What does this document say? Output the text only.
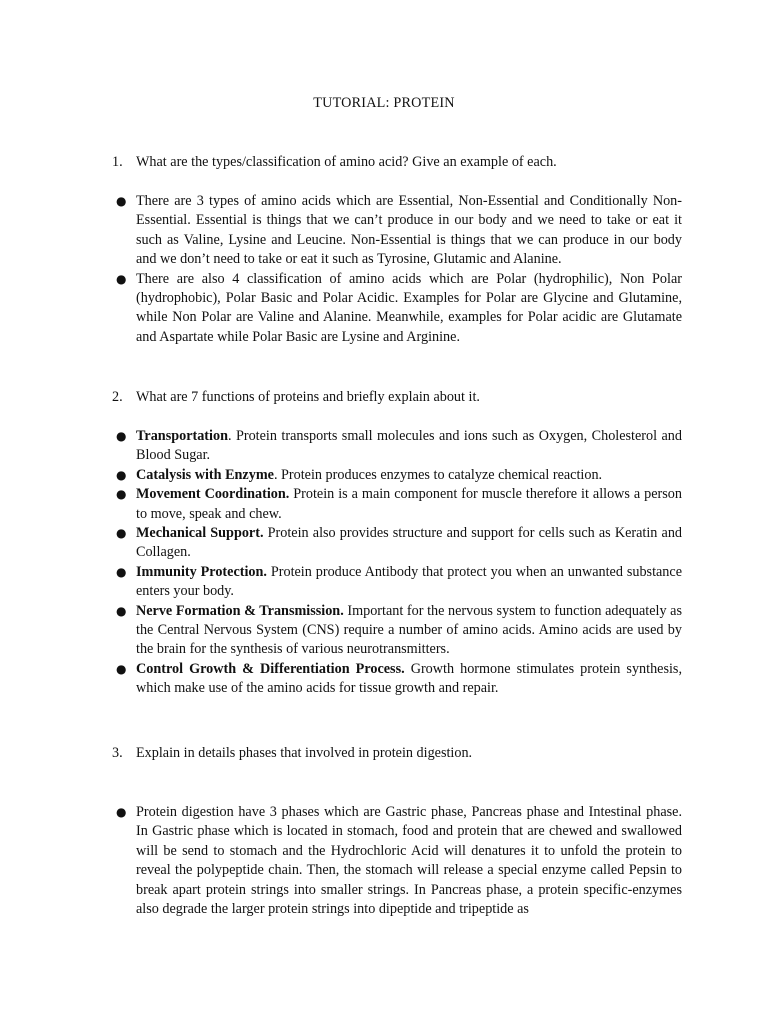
TUTORIAL: PROTEIN
1. What are the types/classification of amino acid? Give an example of each.
● There are 3 types of amino acids which are Essential, Non-Essential and Conditionally Non-Essential. Essential is things that we can’t produce in our body and we need to take or eat it such as Valine, Lysine and Leucine. Non-Essential is things that we can produce in our body and we don’t need to take or eat it such as Tyrosine, Glutamic and Alanine.
● There are also 4 classification of amino acids which are Polar (hydrophilic), Non Polar (hydrophobic), Polar Basic and Polar Acidic. Examples for Polar are Glycine and Glutamine, while Non Polar are Valine and Alanine. Meanwhile, examples for Polar acidic are Glutamate and Aspartate while Polar Basic are Lysine and Arginine.
2. What are 7 functions of proteins and briefly explain about it.
● Transportation. Protein transports small molecules and ions such as Oxygen, Cholesterol and Blood Sugar.
● Catalysis with Enzyme. Protein produces enzymes to catalyze chemical reaction.
● Movement Coordination. Protein is a main component for muscle therefore it allows a person to move, speak and chew.
● Mechanical Support. Protein also provides structure and support for cells such as Keratin and Collagen.
● Immunity Protection. Protein produce Antibody that protect you when an unwanted substance enters your body.
● Nerve Formation & Transmission. Important for the nervous system to function adequately as the Central Nervous System (CNS) require a number of amino acids. Amino acids are used by the brain for the synthesis of various neurotransmitters.
● Control Growth & Differentiation Process. Growth hormone stimulates protein synthesis, which make use of the amino acids for tissue growth and repair.
3. Explain in details phases that involved in protein digestion.
● Protein digestion have 3 phases which are Gastric phase, Pancreas phase and Intestinal phase. In Gastric phase which is located in stomach, food and protein that are chewed and swallowed will be send to stomach and the Hydrochloric Acid will denatures it to unfold the protein to reveal the polypeptide chain. Then, the stomach will release a special enzyme called Pepsin to break apart protein strings into smaller strings. In Pancreas phase, a protein specific-enzymes also degrade the larger protein strings into dipeptide and tripeptide as
